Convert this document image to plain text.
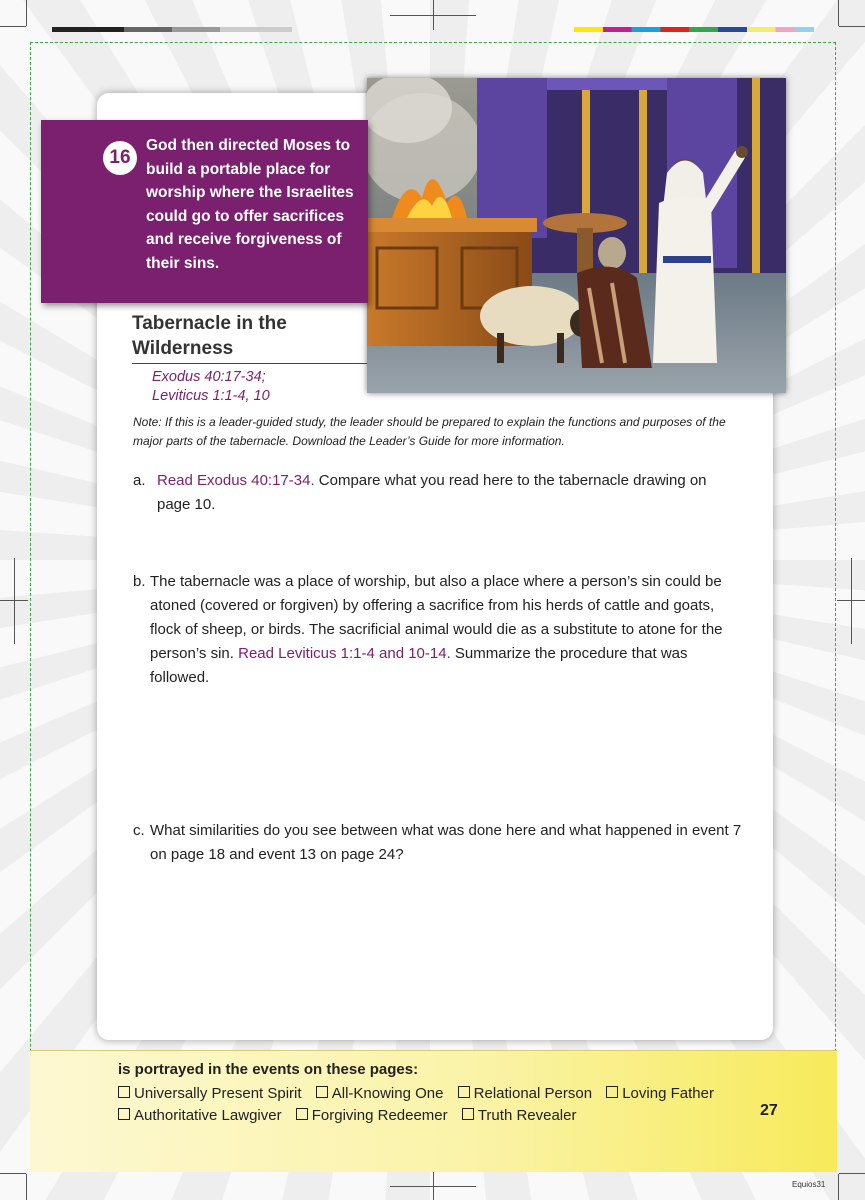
16
God then directed Moses to build a portable place for worship where the Israelites could go to offer sacrifices and receive forgiveness of their sins.
Tabernacle in the Wilderness
Exodus 40:17-34;
Leviticus 1:1-4, 10
Note: If this is a leader-guided study, the leader should be prepared to explain the functions and purposes of the major parts of the tabernacle. Download the Leader’s Guide for more information.
a. Read Exodus 40:17-34. Compare what you read here to the tabernacle drawing on page 10.
b. The tabernacle was a place of worship, but also a place where a person’s sin could be atoned (covered or forgiven) by offering a sacrifice from his herds of cattle and goats, flock of sheep, or birds. The sacrificial animal would die as a substitute to atone for the person’s sin. Read Leviticus 1:1-4 and 10-14. Summarize the procedure that was followed.
c. What similarities do you see between what was done here and what happened in event 7 on page 18 and event 13 on page 24?
is portrayed in the events on these pages:
Universally Present Spirit All-Knowing One Relational Person Loving Father
Authoritative Lawgiver Forgiving Redeemer Truth Revealer	27
Equios31
